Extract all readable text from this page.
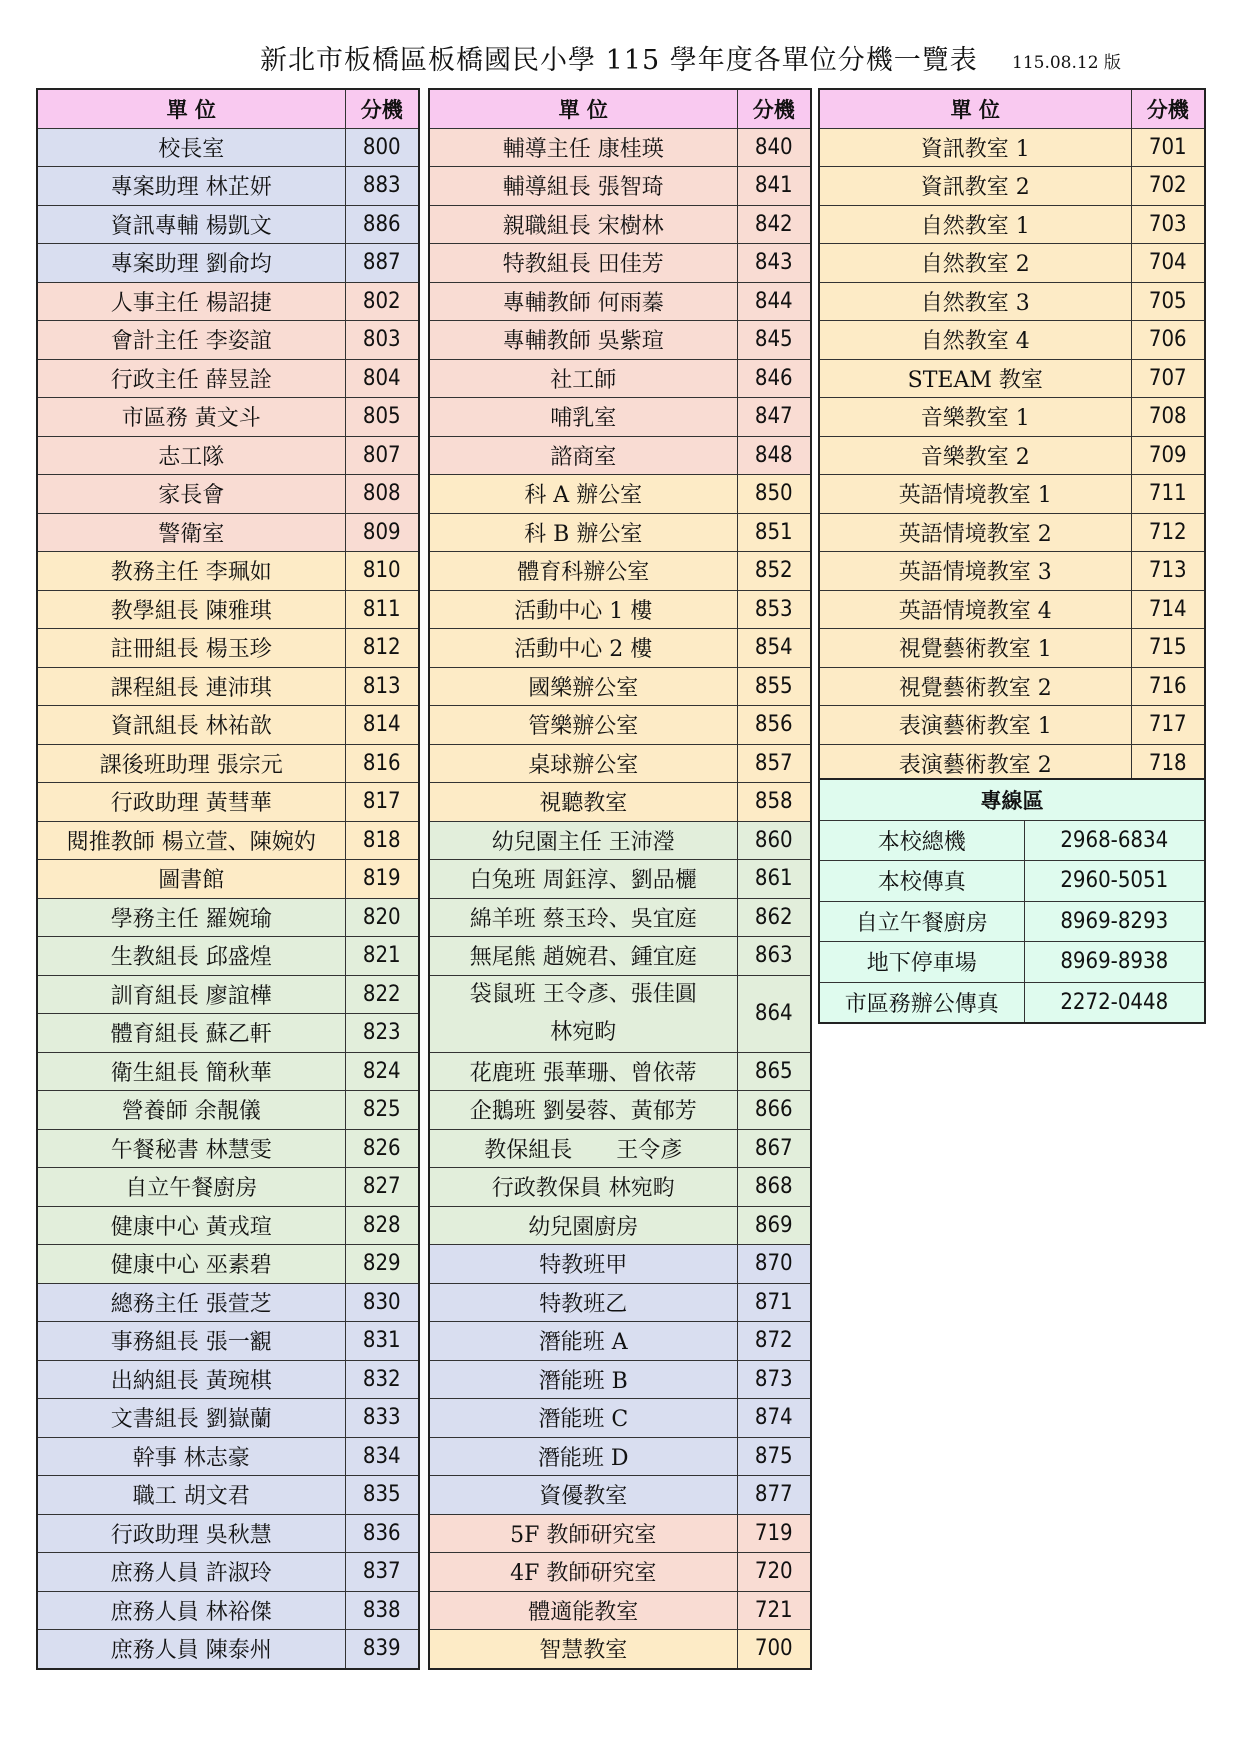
新北市板橋區板橋國民小學 115 學年度各單位分機一覽表 115.08.12 版
單 位	分機
校長室	800
專案助理 林芷妍	883
資訊專輔 楊凱文	886
專案助理 劉俞均	887
人事主任 楊詔捷	802
會計主任 李姿誼	803
行政主任 薛昱詮	804
市區務 黃文斗	805
志工隊	807
家長會	808
警衛室	809
教務主任 李珮如	810
教學組長 陳雅琪	811
註冊組長 楊玉珍	812
課程組長 連沛琪	813
資訊組長 林祐歆	814
課後班助理 張宗元	816
行政助理 黃彗華	817
閱推教師 楊立萱、陳婉妁	818
圖書館	819
學務主任 羅婉瑜	820
生教組長 邱盛煌	821
訓育組長 廖誼樺	822
體育組長 蘇乙軒	823
衛生組長 簡秋華	824
營養師 余靚儀	825
午餐秘書 林慧雯	826
自立午餐廚房	827
健康中心 黃戎瑄	828
健康中心 巫素碧	829
總務主任 張萱芝	830
事務組長 張一覾	831
出納組長 黃琬棋	832
文書組長 劉嶽蘭	833
幹事 林志豪	834
職工 胡文君	835
行政助理 吳秋慧	836
庶務人員 許淑玲	837
庶務人員 林裕傑	838
庶務人員 陳泰州	839
單 位	分機
輔導主任 康桂瑛	840
輔導組長 張智琦	841
親職組長 宋樹林	842
特教組長 田佳芳	843
專輔教師 何雨蓁	844
專輔教師 吳紫瑄	845
社工師	846
哺乳室	847
諮商室	848
科 A 辦公室	850
科 B 辦公室	851
體育科辦公室	852
活動中心 1 樓	853
活動中心 2 樓	854
國樂辦公室	855
管樂辦公室	856
桌球辦公室	857
視聽教室	858
幼兒園主任 王沛瀅	860
白兔班 周鈺淳、劉品欐	861
綿羊班 蔡玉玲、吳宜庭	862
無尾熊 趙婉君、鍾宜庭	863

袋鼠班 王令彥、張佳圓
林宛畇	864

花鹿班 張華珊、曾依蒂	865
企鵝班 劉晏蓉、黃郁芳	866
教保組長　　王令彥	867
行政教保員 林宛畇	868
幼兒園廚房	869
特教班甲	870
特教班乙	871
潛能班 A	872
潛能班 B	873
潛能班 C	874
潛能班 D	875
資優教室	877
5F 教師研究室	719
4F 教師研究室	720
體適能教室	721
智慧教室	700
單 位	分機
資訊教室 1	701
資訊教室 2	702
自然教室 1	703
自然教室 2	704
自然教室 3	705
自然教室 4	706
STEAM 教室	707
音樂教室 1	708
音樂教室 2	709
英語情境教室 1	711
英語情境教室 2	712
英語情境教室 3	713
英語情境教室 4	714
視覺藝術教室 1	715
視覺藝術教室 2	716
表演藝術教室 1	717
表演藝術教室 2	718
專線區	
本校總機	2968-6834
本校傳真	2960-5051
自立午餐廚房	8969-8293
地下停車場	8969-8938
市區務辦公傳真	2272-0448
